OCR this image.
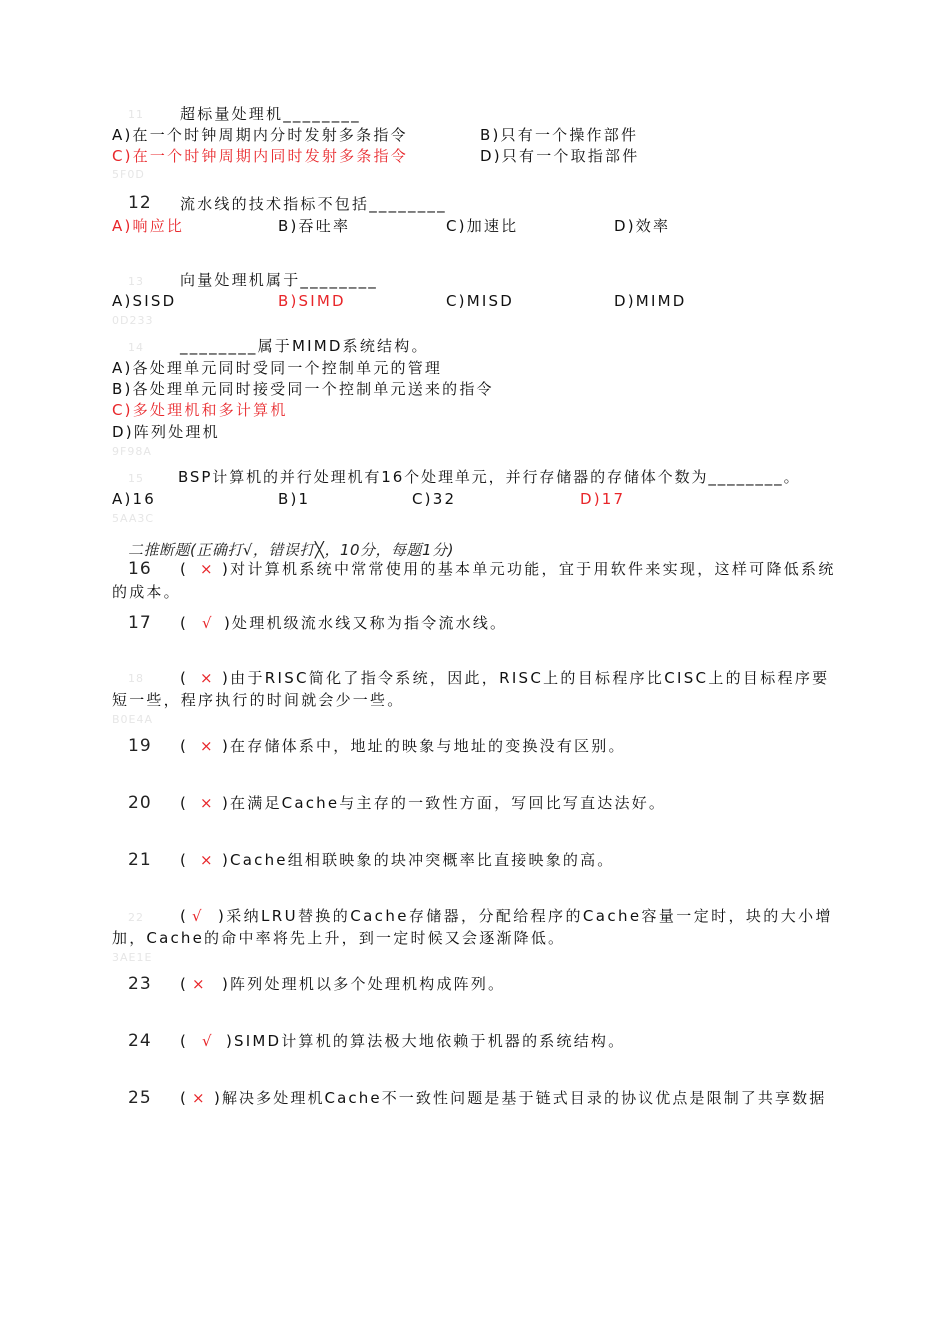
11 超标量处理机________
A)在一个时钟周期内分时发射多条指令	B)只有一个操作部件
C)在一个时钟周期内同时发射多条指令	D)只有一个取指部件
5F0D
12 流水线的技术指标不包括________
A)响应比	B)吞吐率	C)加速比	D)效率
13 向量处理机属于________
A)SISD	B)SIMD	C)MISD	D)MIMD
0D233
14 ________属于MIMD系统结构。
A)各处理单元同时受同一个控制单元的管理
B)各处理单元同时接受同一个控制单元送来的指令
C)多处理机和多计算机
D)阵列处理机
9F98A
15 BSP计算机的并行处理机有16个处理单元，并行存储器的存储体个数为________。
A)16	B)1	C)32	D)17
5AA3C
二推断题(正确打√，错误打╳，10分，每题1分)
16 ( × )对计算机系统中常常使用的基本单元功能，宜于用软件来实现，这样可降低系统
的成本。
17 ( √ )处理机级流水线又称为指令流水线。
18 ( × )由于RISC简化了指令系统，因此，RISC上的目标程序比CISC上的目标程序要
短一些，程序执行的时间就会少一些。
B0E4A
19 ( × )在存储体系中，地址的映象与地址的变换没有区别。
20 ( × )在满足Cache与主存的一致性方面，写回比写直达法好。
21 ( × )Cache组相联映象的块冲突概率比直接映象的高。
22 ( √ )采纳LRU替换的Cache存储器，分配给程序的Cache容量一定时，块的大小增
加，Cache的命中率将先上升，到一定时候又会逐渐降低。
3AE1E
23 ( × )阵列处理机以多个处理机构成阵列。
24 ( √ )SIMD计算机的算法极大地依赖于机器的系统结构。
25 ( × )解决多处理机Cache不一致性问题是基于链式目录的协议优点是限制了共享数据
